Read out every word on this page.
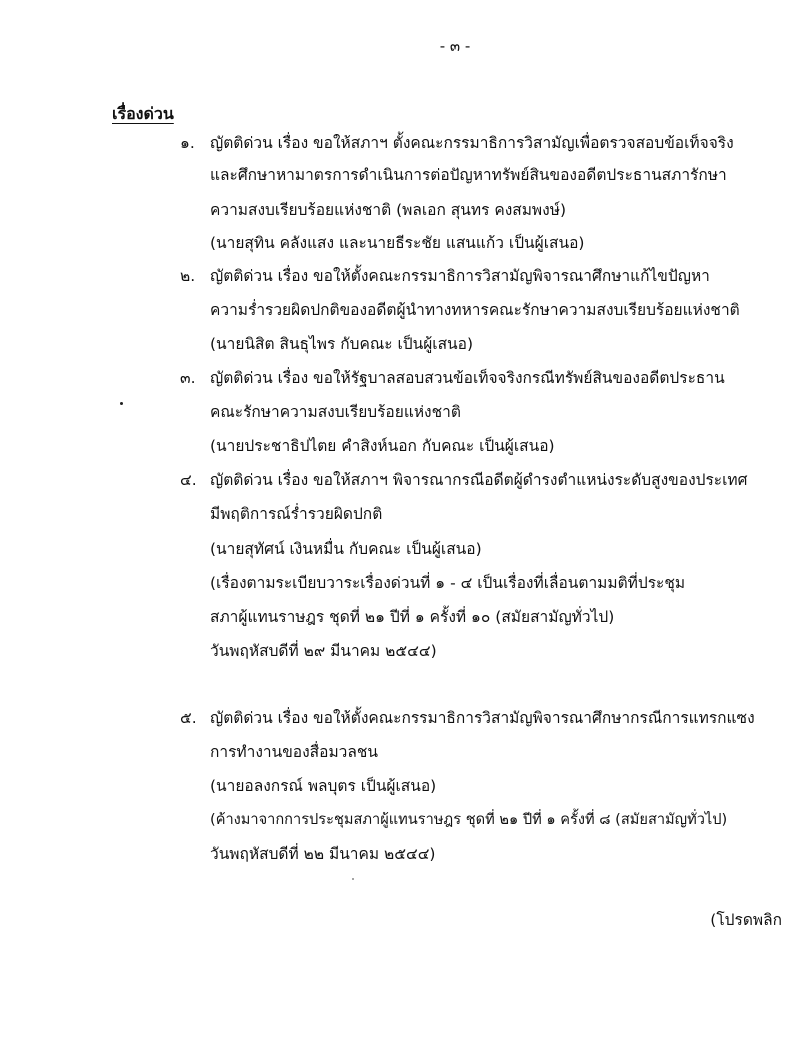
- ๓ -
เรื่องด่วน
๑. ญัตติด่วน เรื่อง ขอให้สภาฯ ตั้งคณะกรรมาธิการวิสามัญเพื่อตรวจสอบข้อเท็จจริง
และศึกษาหามาตรการดำเนินการต่อปัญหาทรัพย์สินของอดีตประธานสภารักษา
ความสงบเรียบร้อยแห่งชาติ (พลเอก สุนทร คงสมพงษ์)
(นายสุทิน คลังแสง และนายธีระชัย แสนแก้ว เป็นผู้เสนอ)
๒. ญัตติด่วน เรื่อง ขอให้ตั้งคณะกรรมาธิการวิสามัญพิจารณาศึกษาแก้ไขปัญหา
ความร่ำรวยผิดปกติของอดีตผู้นำทางทหารคณะรักษาความสงบเรียบร้อยแห่งชาติ
(นายนิสิต สินธุไพร กับคณะ เป็นผู้เสนอ)
๓. ญัตติด่วน เรื่อง ขอให้รัฐบาลสอบสวนข้อเท็จจริงกรณีทรัพย์สินของอดีตประธาน
คณะรักษาความสงบเรียบร้อยแห่งชาติ
(นายประชาธิปไตย คำสิงห์นอก กับคณะ เป็นผู้เสนอ)
๔. ญัตติด่วน เรื่อง ขอให้สภาฯ พิจารณากรณีอดีตผู้ดำรงตำแหน่งระดับสูงของประเทศ
มีพฤติการณ์ร่ำรวยผิดปกติ
(นายสุทัศน์ เงินหมื่น กับคณะ เป็นผู้เสนอ)
(เรื่องตามระเบียบวาระเรื่องด่วนที่ ๑ - ๔ เป็นเรื่องที่เลื่อนตามมติที่ประชุม
สภาผู้แทนราษฎร ชุดที่ ๒๑ ปีที่ ๑ ครั้งที่ ๑๐ (สมัยสามัญทั่วไป)
วันพฤหัสบดีที่ ๒๙ มีนาคม ๒๕๔๔)
๕. ญัตติด่วน เรื่อง ขอให้ตั้งคณะกรรมาธิการวิสามัญพิจารณาศึกษากรณีการแทรกแซง
การทำงานของสื่อมวลชน
(นายอลงกรณ์ พลบุตร เป็นผู้เสนอ)
(ค้างมาจากการประชุมสภาผู้แทนราษฎร ชุดที่ ๒๑ ปีที่ ๑ ครั้งที่ ๘ (สมัยสามัญทั่วไป)
วันพฤหัสบดีที่ ๒๒ มีนาคม ๒๕๔๔)
(โปรดพลิก
